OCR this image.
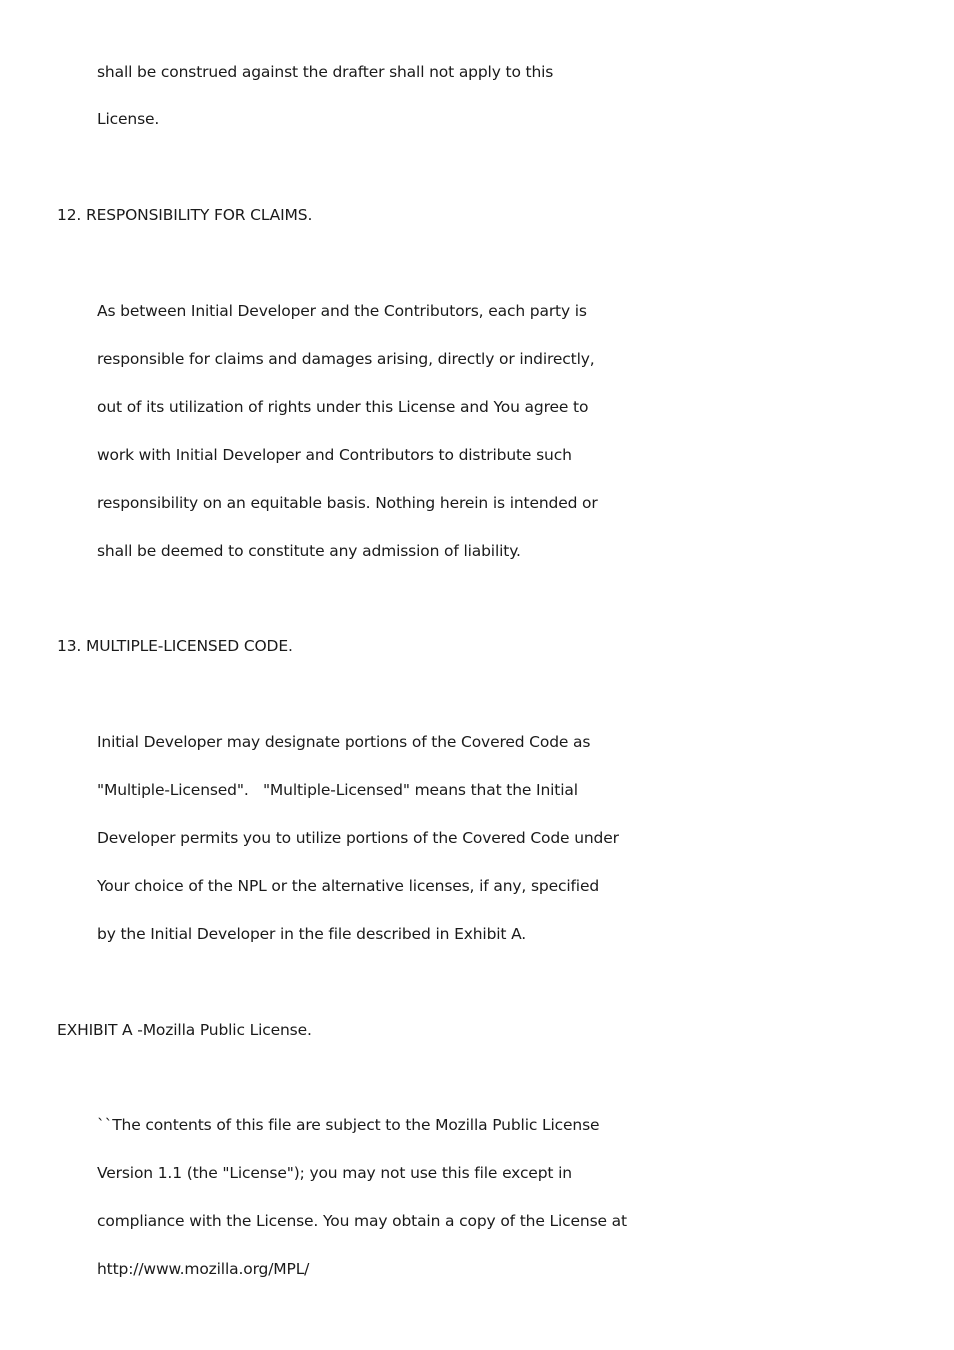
shall be construed against the drafter shall not apply to this
License.
12. RESPONSIBILITY FOR CLAIMS.
As between Initial Developer and the Contributors, each party is
responsible for claims and damages arising, directly or indirectly,
out of its utilization of rights under this License and You agree to
work with Initial Developer and Contributors to distribute such
responsibility on an equitable basis. Nothing herein is intended or
shall be deemed to constitute any admission of liability.
13. MULTIPLE-LICENSED CODE.
Initial Developer may designate portions of the Covered Code as
"Multiple-Licensed".   "Multiple-Licensed" means that the Initial
Developer permits you to utilize portions of the Covered Code under
Your choice of the NPL or the alternative licenses, if any, specified
by the Initial Developer in the file described in Exhibit A.
EXHIBIT A -Mozilla Public License.
``The contents of this file are subject to the Mozilla Public License
Version 1.1 (the "License"); you may not use this file except in
compliance with the License. You may obtain a copy of the License at
http://www.mozilla.org/MPL/
